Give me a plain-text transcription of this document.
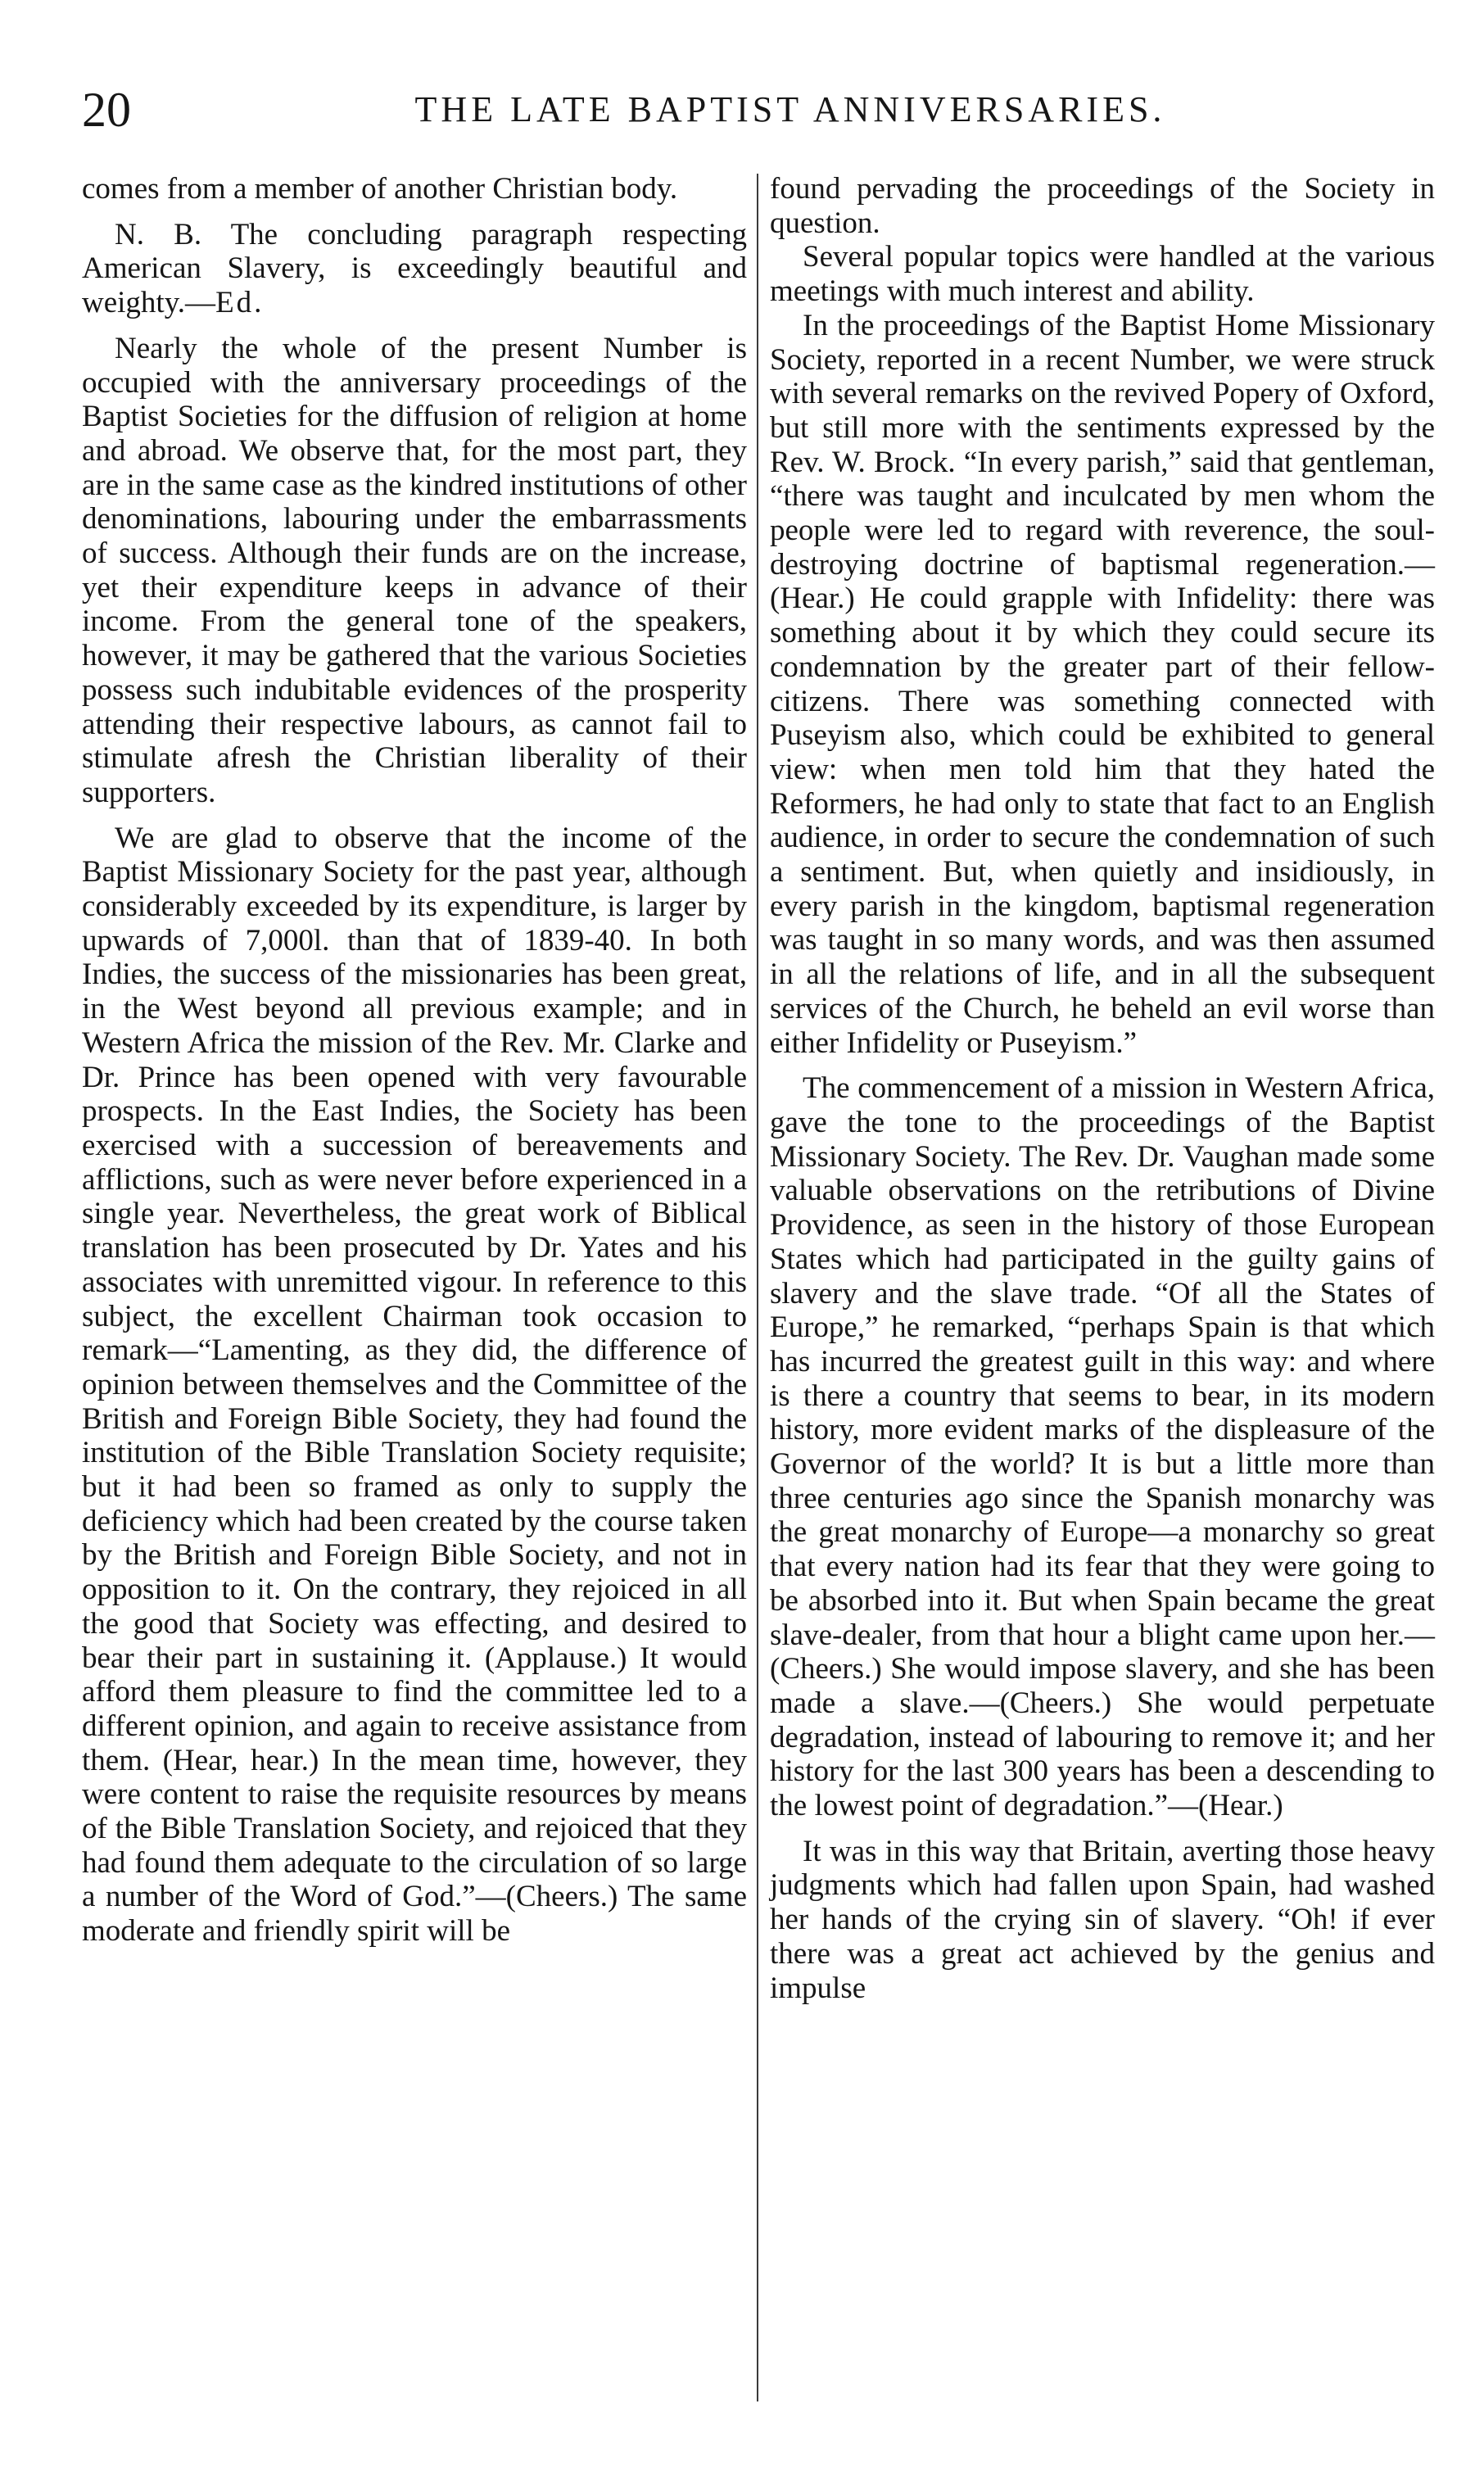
20	THE LATE BAPTIST ANNIVERSARIES.

comes from a member of another Christian body.

N. B. The concluding paragraph respecting American Slavery, is exceedingly beautiful and weighty.—Ed.

Nearly the whole of the present Number is occupied with the anniversary proceedings of the Baptist Societies for the diffusion of religion at home and abroad. We observe that, for the most part, they are in the same case as the kindred institutions of other denominations, labouring under the embarrassments of success. Although their funds are on the increase, yet their expenditure keeps in advance of their income. From the general tone of the speakers, however, it may be gathered that the various Societies possess such indubitable evidences of the prosperity attending their respective labours, as cannot fail to stimulate afresh the Christian liberality of their supporters.

We are glad to observe that the income of the Baptist Missionary Society for the past year, although considerably exceeded by its expenditure, is larger by upwards of 7,000l. than that of 1839-40. In both Indies, the success of the missionaries has been great, in the West beyond all previous example; and in Western Africa the mission of the Rev. Mr. Clarke and Dr. Prince has been opened with very favourable prospects. In the East Indies, the Society has been exercised with a succession of bereavements and afflictions, such as were never before experienced in a single year. Nevertheless, the great work of Biblical translation has been prosecuted by Dr. Yates and his associates with unremitted vigour. In reference to this subject, the excellent Chairman took occasion to remark—“Lamenting, as they did, the difference of opinion between themselves and the Committee of the British and Foreign Bible Society, they had found the institution of the Bible Translation Society requisite; but it had been so framed as only to supply the deficiency which had been created by the course taken by the British and Foreign Bible Society, and not in opposition to it. On the contrary, they rejoiced in all the good that Society was effecting, and desired to bear their part in sustaining it. (Applause.) It would afford them pleasure to find the committee led to a different opinion, and again to receive assistance from them. (Hear, hear.) In the mean time, however, they were content to raise the requisite resources by means of the Bible Translation Society, and rejoiced that they had found them adequate to the circulation of so large a number of the Word of God.”—(Cheers.) The same moderate and friendly spirit will be

found pervading the proceedings of the Society in question.

Several popular topics were handled at the various meetings with much interest and ability.

In the proceedings of the Baptist Home Missionary Society, reported in a recent Number, we were struck with several remarks on the revived Popery of Oxford, but still more with the sentiments expressed by the Rev. W. Brock. “In every parish,” said that gentleman, “there was taught and inculcated by men whom the people were led to regard with reverence, the soul-destroying doctrine of baptismal regeneration.—(Hear.) He could grapple with Infidelity: there was something about it by which they could secure its condemnation by the greater part of their fellow-citizens. There was something connected with Puseyism also, which could be exhibited to general view: when men told him that they hated the Reformers, he had only to state that fact to an English audience, in order to secure the condemnation of such a sentiment. But, when quietly and insidiously, in every parish in the kingdom, baptismal regeneration was taught in so many words, and was then assumed in all the relations of life, and in all the subsequent services of the Church, he beheld an evil worse than either Infidelity or Puseyism.”

The commencement of a mission in Western Africa, gave the tone to the proceedings of the Baptist Missionary Society. The Rev. Dr. Vaughan made some valuable observations on the retributions of Divine Providence, as seen in the history of those European States which had participated in the guilty gains of slavery and the slave trade. “Of all the States of Europe,” he remarked, “perhaps Spain is that which has incurred the greatest guilt in this way: and where is there a country that seems to bear, in its modern history, more evident marks of the displeasure of the Governor of the world? It is but a little more than three centuries ago since the Spanish monarchy was the great monarchy of Europe—a monarchy so great that every nation had its fear that they were going to be absorbed into it. But when Spain became the great slave-dealer, from that hour a blight came upon her.—(Cheers.) She would impose slavery, and she has been made a slave.—(Cheers.) She would perpetuate degradation, instead of labouring to remove it; and her history for the last 300 years has been a descending to the lowest point of degradation.”—(Hear.)

It was in this way that Britain, averting those heavy judgments which had fallen upon Spain, had washed her hands of the crying sin of slavery. “Oh! if ever there was a great act achieved by the genius and impulse
